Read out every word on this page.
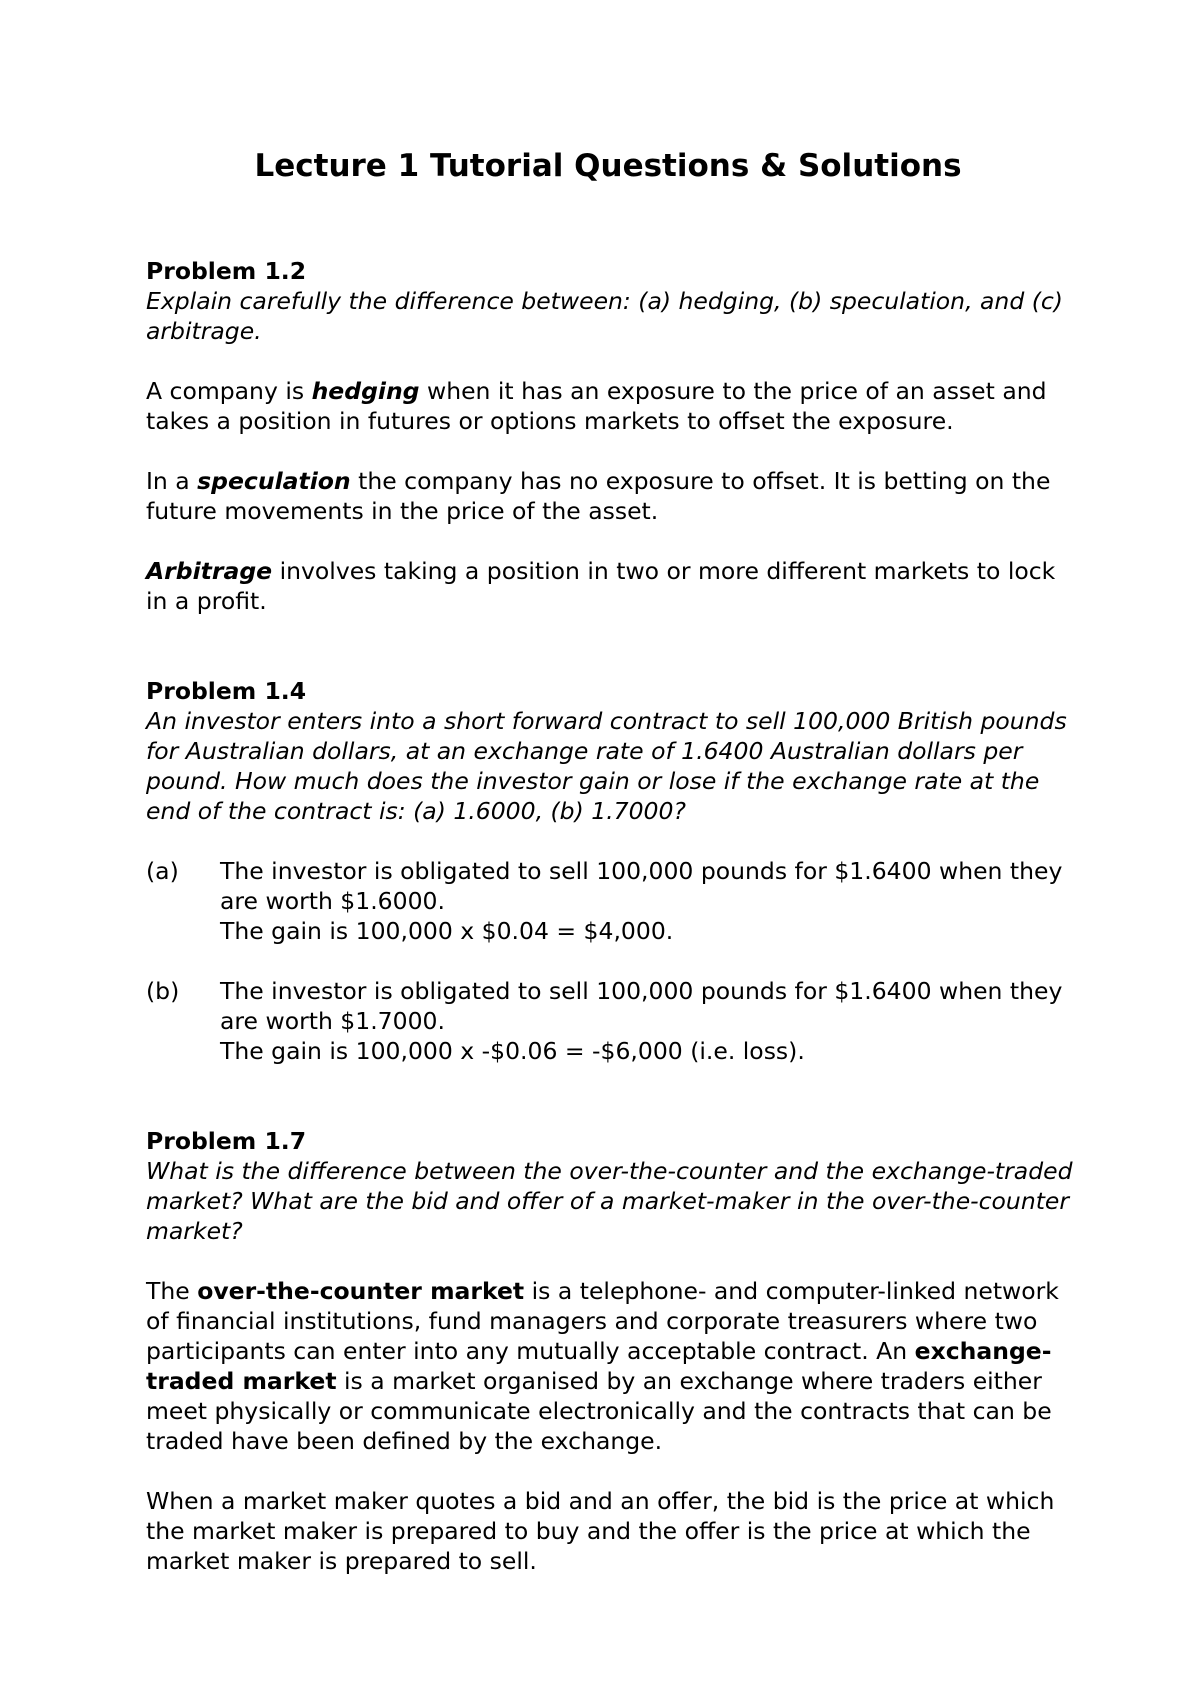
Lecture 1 Tutorial Questions & Solutions

Problem 1.2

Explain carefully the difference between: (a) hedging, (b) speculation, and (c) arbitrage.

A company is hedging when it has an exposure to the price of an asset and takes a position in futures or options markets to offset the exposure.

In a speculation the company has no exposure to offset. It is betting on the future movements in the price of the asset.

Arbitrage involves taking a position in two or more different markets to lock in a profit.

Problem 1.4

An investor enters into a short forward contract to sell 100,000 British pounds for Australian dollars, at an exchange rate of 1.6400 Australian dollars per pound. How much does the investor gain or lose if the exchange rate at the end of the contract is: (a) 1.6000, (b) 1.7000?

(a)	The investor is obligated to sell 100,000 pounds for $1.6400 when they are worth $1.6000.

The gain is 100,000 x $0.04 = $4,000.

(b)	The investor is obligated to sell 100,000 pounds for $1.6400 when they are worth $1.7000.

The gain is 100,000 x -$0.06 = -$6,000 (i.e. loss).

Problem 1.7

What is the difference between the over-the-counter and the exchange-traded market? What are the bid and offer of a market-maker in the over-the-counter market?

The over-the-counter market is a telephone- and computer-linked network of financial institutions, fund managers and corporate treasurers where two participants can enter into any mutually acceptable contract. An exchange-traded market is a market organised by an exchange where traders either meet physically or communicate electronically and the contracts that can be traded have been defined by the exchange.

When a market maker quotes a bid and an offer, the bid is the price at which the market maker is prepared to buy and the offer is the price at which the market maker is prepared to sell.
